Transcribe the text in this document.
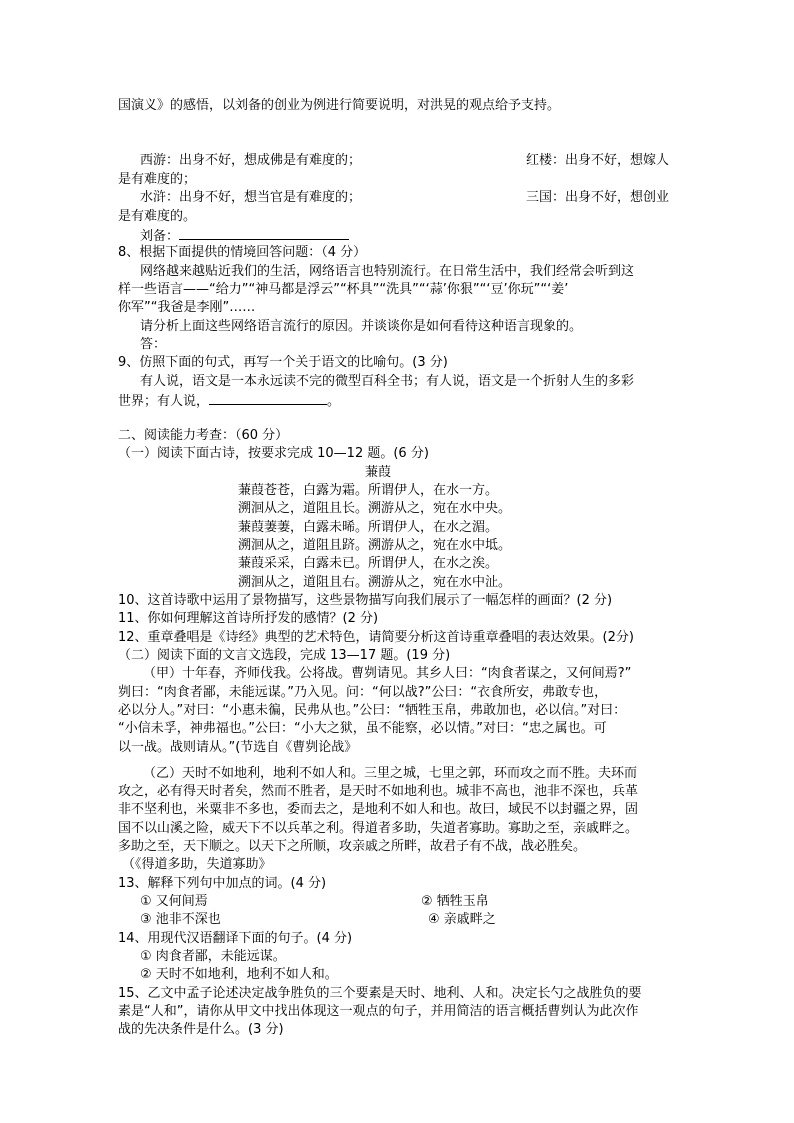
国演义》的感悟，以刘备的创业为例进行简要说明，对洪晃的观点给予支持。
西游：出身不好，想成佛是有难度的；	红楼：出身不好，想嫁人
是有难度的；
水浒：出身不好，想当官是有难度的；	三国：出身不好，想创业
是有难度的。
刘备：
8、根据下面提供的情境回答问题：（4 分）
网络越来越贴近我们的生活，网络语言也特别流行。在日常生活中，我们经常会听到这
样一些语言——“给力”“神马都是浮云”“杯具”“洗具”“‘蒜’你狠”“‘豆’你玩”“‘姜’
你军”“我爸是李刚”……
请分析上面这些网络语言流行的原因。并谈谈你是如何看待这种语言现象的。
答：
9、仿照下面的句式，再写一个关于语文的比喻句。(3 分)
有人说，语文是一本永远读不完的微型百科全书；有人说，语文是一个折射人生的多彩
世界；有人说，	。
二、阅读能力考查：（60 分）
（一）阅读下面古诗，按要求完成 10—12 题。(6 分)
蒹葭
蒹葭苍苍，白露为霜。所谓伊人，在水一方。
溯洄从之，道阻且长。溯游从之，宛在水中央。
蒹葭萋萋，白露未晞。所谓伊人，在水之湄。
溯洄从之，道阻且跻。溯游从之，宛在水中坻。
蒹葭采采，白露未已。所谓伊人，在水之涘。
溯洄从之，道阻且右。溯游从之，宛在水中沚。
10、这首诗歌中运用了景物描写，这些景物描写向我们展示了一幅怎样的画面？(2 分)
11、你如何理解这首诗所抒发的感情？(2 分)
12、重章叠唱是《诗经》典型的艺术特色，请简要分析这首诗重章叠唱的表达效果。(2分)
（二）阅读下面的文言文选段，完成 13—17 题。(19 分)
（甲）十年春，齐师伐我。公将战。曹刿请见。其乡人曰：“肉食者谋之，又何间焉?”
刿曰：“肉食者鄙，未能远谋。”乃入见。问：“何以战?”公曰：“衣食所安，弗敢专也，
必以分人。”对曰：“小惠未徧，民弗从也。”公曰：“牺牲玉帛，弗敢加也，必以信。”对曰：
“小信未孚，神弗福也。”公曰：“小大之狱，虽不能察，必以情。”对曰：“忠之属也。可
以一战。战则请从。”(节选自《曹刿论战》
（乙）天时不如地利，地利不如人和。三里之城，七里之郭，环而攻之而不胜。夫环而
攻之，必有得天时者矣，然而不胜者，是天时不如地利也。城非不高也，池非不深也，兵革
非不坚利也，米粟非不多也，委而去之，是地利不如人和也。故曰，域民不以封疆之界，固
国不以山溪之险，威天下不以兵革之利。得道者多助，失道者寡助。寡助之至，亲戚畔之。
多助之至，天下顺之。以天下之所顺，攻亲戚之所畔，故君子有不战，战必胜矣。
（《得道多助，失道寡助》
13、解释下列句中加点的词。(4 分)
① 又何间焉	② 牺牲玉帛
③ 池非不深也	④ 亲戚畔之
14、用现代汉语翻译下面的句子。(4 分)
① 肉食者鄙，未能远谋。
② 天时不如地利，地利不如人和。
15、乙文中孟子论述决定战争胜负的三个要素是天时、地利、人和。决定长勺之战胜负的要
素是“人和”，请你从甲文中找出体现这一观点的句子，并用简洁的语言概括曹刿认为此次作
战的先决条件是什么。(3 分)
